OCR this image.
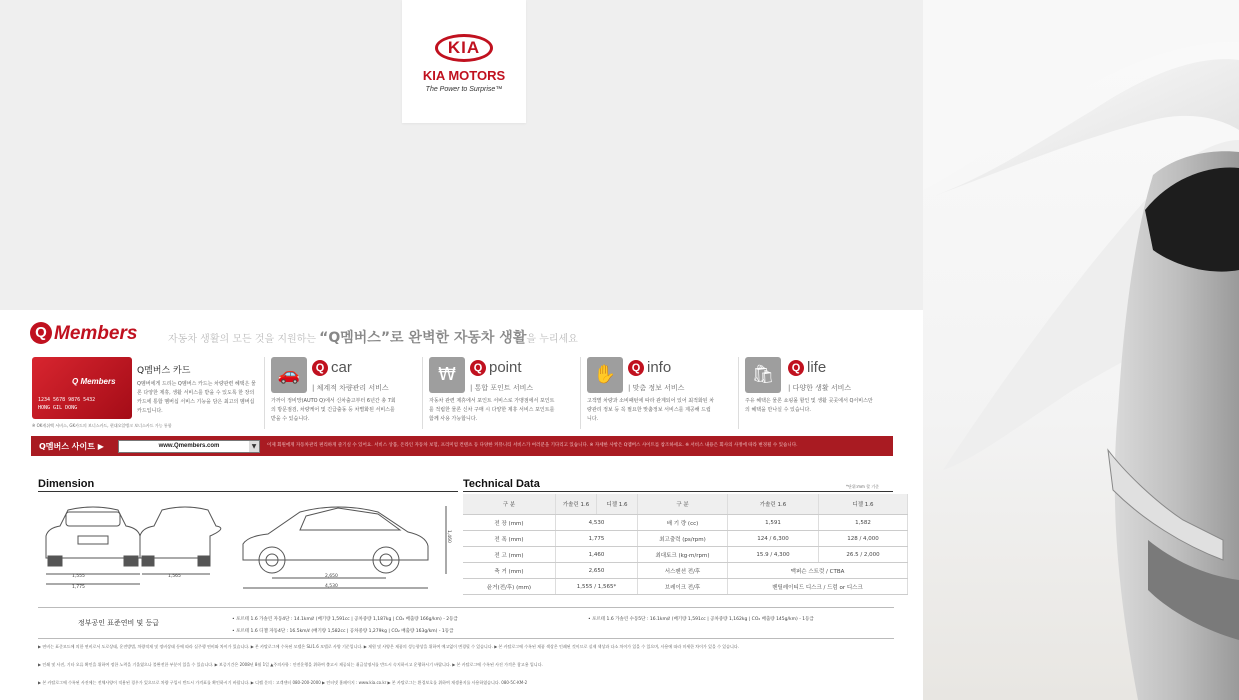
KIA
KIA MOTORS
The Power to Surprise™
Q Members	자동차 생활의 모든 것을 지원하는 “Q멤버스”로 완벽한 자동차 생활을 누리세요
Q Members
1234 5678 9876 5432
HONG GIL DONG
Q멤버스 카드
Q멤버에게 드리는 Q멤버스 카드는 차량관련 혜택은 물론 다양한 제휴, 생활 서비스를 받을 수 있도록 한 장의 카드에 통합 멤버십 서비스 기능을 담은 최고의 멤버십 카드입니다.
※ OK캐쉬백 서비스, GK카드의 보너스카드, 현대오일뱅크 보너스카드 가능 통합
🚗	Q car
| 체계적 차량관리 서비스
가까이 정비망(AUTO Q)에서 신차출고부터 6년간 총 7회의 방문점검, 차량케어 및 긴급출동 등 차별화된 서비스를 받을 수 있습니다.
₩	Q point
| 통합 포인트 서비스
자동차 관련 제휴에서 포인트 서비스로 가맹점에서 포인트를 적립한 물론 신차 구매 시 다양한 제휴 서비스 포인트를 함께 사용 가능합니다.
✋	Q info
| 맞춤 정보 서비스
고객별 차량과 소비패턴에 따라 관계되어 있어 최적화된 차량관리 정보 등 꼭 필요한 맞춤정보 서비스를 제공해 드립니다.
🛍	Q life
| 다양한 생활 서비스
주유 혜택은 물론 쇼핑몰 할인 및 생활 곳곳에서 Q서비스만의 혜택을 만나실 수 있습니다.
Q멤버스 사이트 ▶	www.Qmembers.com	▼	이제 회원에게 자동차관리 편리하게 즐기실 수 있어요. 서비스 상품, 온라인 자동차 보험, 프리미엄 컨텐츠 등 다양한 커뮤니티 서비스가 여러분을 기다리고 있습니다. ※ 자세한 사항은 Q멤버스 사이트를 참조하세요. ※ 서비스 내용은 회사의 사정에 따라 변경될 수 있습니다.
Dimension
1,555
1,775
1,565	2,650
4,530
1,460
Technical Data	*단위:mm 할 기준
구 분	가솔린 1.6	디젤 1.6	구 분	가솔린 1.6	디젤 1.6
전 장 (mm)	4,530		배 기 량 (cc)	1,591	1,582
전 폭 (mm)	1,775		최고출력 (ps/rpm)	124 / 6,300	128 / 4,000
전 고 (mm)	1,460		최대토크 (kg·m/rpm)	15.9 / 4,300	26.5 / 2,000
축 거 (mm)	2,650		서스펜션 전/후	맥퍼슨 스트럿 / CTBA	
윤거(전/후) (mm)	1,555 / 1,565*		브레이크 전/후	벤틸레이티드 디스크 / 드럼 or 디스크	
정부공인 표준연비 및 등급	• 포르테 1.6 가솔린 자동4단 : 14.1km/ℓ (배기량 1,591cc | 공차중량 1,187kg | CO₂ 배출량 166g/km) - 2등급	• 포르테 1.6 가솔린 수동5단 : 16.1km/ℓ (배기량 1,591cc | 공차중량 1,162kg | CO₂ 배출량 145g/km) - 1등급
• 포르테 1.6 디젤 자동4단 : 16.5km/ℓ (배기량 1,582cc | 공차중량 1,279kg | CO₂ 배출량 163g/km) - 1등급
▶ 연비는 표준모드에 의한 연비로서 도로상태, 운전방법, 차량적재 및 정비상태 등에 따라 실주행 연비와 차이가 있습니다. ▶ 본 카탈로그에 수록된 모델은 SLI1.6 모델로 사양 기준입니다. ▶ 제원 및 사양은 제품의 성능향상을 위하여 예고없이 변경될 수 있습니다. ▶ 본 카탈로그에 수록된 제품 색상은 인쇄된 것이므로 실제 색상과 다소 차이가 있을 수 있으며, 사용에 따라 미세한 차이가 있을 수 있습니다.
▶ 인쇄 및 사진, 기타 오류 확인을 위하여 정한 노력을 기울였으나 불완전한 부분이 있을 수 있습니다. ▶ 보증기간은 2008년 8월 1일 ▲주의사항 : 안전운행을 위하여 출고시 제공되는 취급설명서를 반드시 숙지하시고 운행하시기 바랍니다. ▶ 본 카탈로그에 수록된 사진 가격은 참고용 입니다.
▶ 본 카탈로그에 수록된 사진에는 전체사양이 적용된 경우가 있으므로 차량 구입시 반드시 가격표를 확인하시기 바랍니다. ▶ 디젤 문의 : 고객센터 080-200-2000 ▶ 인터넷 홈페이지 : www.kia.co.kr ▶ 본 카탈로그는 환경보호를 위하여 재생용지를 사용하였습니다. 080-5C-KM-2
